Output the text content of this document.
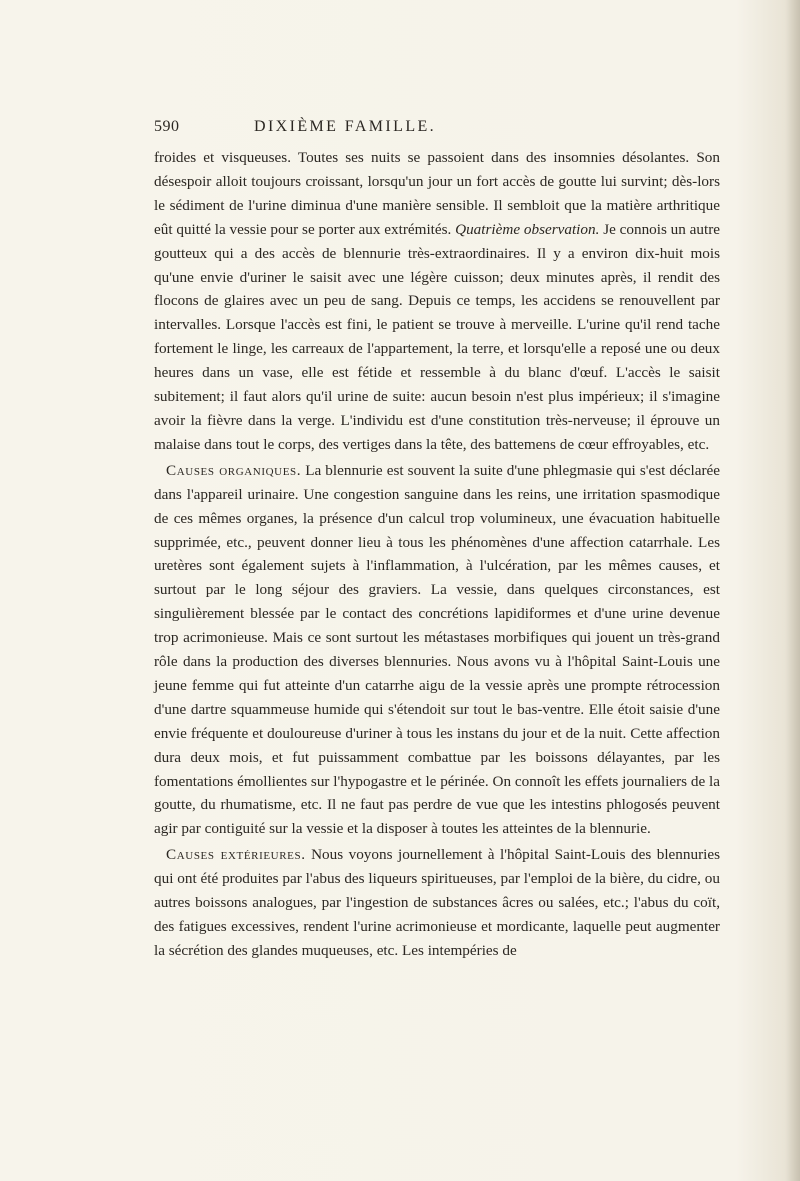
590	DIXIÈME FAMILLE.

froides et visqueuses. Toutes ses nuits se passoient dans des insomnies désolantes. Son désespoir alloit toujours croissant, lorsqu'un jour un fort accès de goutte lui survint; dès-lors le sédiment de l'urine diminua d'une manière sensible. Il sembloit que la matière arthritique eût quitté la vessie pour se porter aux extrémités. Quatrième observation. Je connois un autre goutteux qui a des accès de blennurie très-extraordinaires. Il y a environ dix-huit mois qu'une envie d'uriner le saisit avec une légère cuisson; deux minutes après, il rendit des flocons de glaires avec un peu de sang. Depuis ce temps, les accidens se renouvellent par intervalles. Lorsque l'accès est fini, le patient se trouve à merveille. L'urine qu'il rend tache fortement le linge, les carreaux de l'appartement, la terre, et lorsqu'elle a reposé une ou deux heures dans un vase, elle est fétide et ressemble à du blanc d'œuf. L'accès le saisit subitement; il faut alors qu'il urine de suite: aucun besoin n'est plus impérieux; il s'imagine avoir la fièvre dans la verge. L'individu est d'une constitution très-nerveuse; il éprouve un malaise dans tout le corps, des vertiges dans la tête, des battemens de cœur effroyables, etc.

Causes organiques. La blennurie est souvent la suite d'une phlegmasie qui s'est déclarée dans l'appareil urinaire. Une congestion sanguine dans les reins, une irritation spasmodique de ces mêmes organes, la présence d'un calcul trop volumineux, une évacuation habituelle supprimée, etc., peuvent donner lieu à tous les phénomènes d'une affection catarrhale. Les uretères sont également sujets à l'inflammation, à l'ulcération, par les mêmes causes, et surtout par le long séjour des graviers. La vessie, dans quelques circonstances, est singulièrement blessée par le contact des concrétions lapidiformes et d'une urine devenue trop acrimonieuse. Mais ce sont surtout les métastases morbifiques qui jouent un très-grand rôle dans la production des diverses blennuries. Nous avons vu à l'hôpital Saint-Louis une jeune femme qui fut atteinte d'un catarrhe aigu de la vessie après une prompte rétrocession d'une dartre squammeuse humide qui s'étendoit sur tout le bas-ventre. Elle étoit saisie d'une envie fréquente et douloureuse d'uriner à tous les instans du jour et de la nuit. Cette affection dura deux mois, et fut puissamment combattue par les boissons délayantes, par les fomentations émollientes sur l'hypogastre et le périnée. On connoît les effets journaliers de la goutte, du rhumatisme, etc. Il ne faut pas perdre de vue que les intestins phlogosés peuvent agir par contiguité sur la vessie et la disposer à toutes les atteintes de la blennurie.

Causes extérieures. Nous voyons journellement à l'hôpital Saint-Louis des blennuries qui ont été produites par l'abus des liqueurs spiritueuses, par l'emploi de la bière, du cidre, ou autres boissons analogues, par l'ingestion de substances âcres ou salées, etc.; l'abus du coït, des fatigues excessives, rendent l'urine acrimonieuse et mordicante, laquelle peut augmenter la sécrétion des glandes muqueuses, etc. Les intempéries de
